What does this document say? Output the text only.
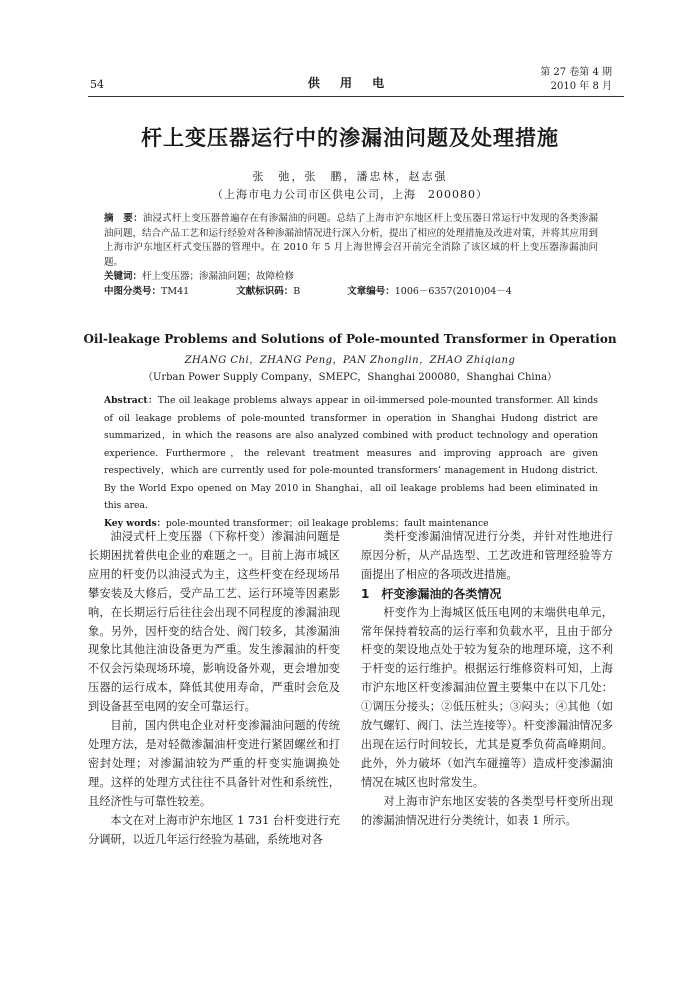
54	供 用 电
第 27 卷第 4 期
2010 年 8 月
杆上变压器运行中的渗漏油问题及处理措施
张　弛，张　鹏，潘忠林，赵志强
（上海市电力公司市区供电公司，上海　200080）
摘　要：油浸式杆上变压器普遍存在有渗漏油的问题。总结了上海市沪东地区杆上变压器日常运行中发现的各类渗漏油问题，结合产品工艺和运行经验对各种渗漏油情况进行深入分析，提出了相应的处理措施及改进对策，并将其应用到上海市沪东地区杆式变压器的管理中。在 2010 年 5 月上海世博会召开前完全消除了该区域的杆上变压器渗漏油问题。
关键词：杆上变压器；渗漏油问题；故障检修
中图分类号：TM41	文献标识码：B	文章编号：1006－6357(2010)04－4
Oil-leakage Problems and Solutions of Pole-mounted Transformer in Operation
ZHANG Chi，ZHANG Peng，PAN Zhonglin，ZHAO Zhiqiang
（Urban Power Supply Company，SMEPC，Shanghai 200080，Shanghai China）
Abstract：The oil leakage problems always appear in oil-immersed pole-mounted transformer. All kinds of oil leakage problems of pole-mounted transformer in operation in Shanghai Hudong district are summarized，in which the reasons are also analyzed combined with product technology and operation experience. Furthermore，the relevant treatment measures and improving approach are given respectively，which are currently used for pole-mounted transformers’ management in Hudong district. By the World Expo opened on May 2010 in Shanghai，all oil leakage problems had been eliminated in this area.
Key words：pole-mounted transformer；oil leakage problems；fault maintenance

油浸式杆上变压器（下称杆变）渗漏油问题是长期困扰着供电企业的难题之一。目前上海市城区应用的杆变仍以油浸式为主，这些杆变在经现场吊攀安装及大修后，受产品工艺、运行环境等因素影响，在长期运行后往往会出现不同程度的渗漏油现象。另外，因杆变的结合处、阀门较多，其渗漏油现象比其他注油设备更为严重。发生渗漏油的杆变不仅会污染现场环境，影响设备外观，更会增加变压器的运行成本，降低其使用寿命，严重时会危及到设备甚至电网的安全可靠运行。

目前，国内供电企业对杆变渗漏油问题的传统处理方法，是对轻微渗漏油杆变进行紧固螺丝和打密封处理；对渗漏油较为严重的杆变实施调换处理。这样的处理方式往往不具备针对性和系统性，且经济性与可靠性较差。

本文在对上海市沪东地区 1 731 台杆变进行充分调研，以近几年运行经验为基础，系统地对各

类杆变渗漏油情况进行分类，并针对性地进行原因分析，从产品选型、工艺改进和管理经验等方面提出了相应的各项改进措施。

1　杆变渗漏油的各类情况

杆变作为上海城区低压电网的末端供电单元，常年保持着较高的运行率和负载水平，且由于部分杆变的架设地点处于较为复杂的地理环境，这不利于杆变的运行维护。根据运行维修资料可知，上海市沪东地区杆变渗漏油位置主要集中在以下几处：①调压分接头；②低压桩头；③闷头；④其他（如放气螺钉、阀门、法兰连接等）。杆变渗漏油情况多出现在运行时间较长，尤其是夏季负荷高峰期间。此外，外力破坏（如汽车碰撞等）造成杆变渗漏油情况在城区也时常发生。

对上海市沪东地区安装的各类型号杆变所出现的渗漏油情况进行分类统计，如表 1 所示。
